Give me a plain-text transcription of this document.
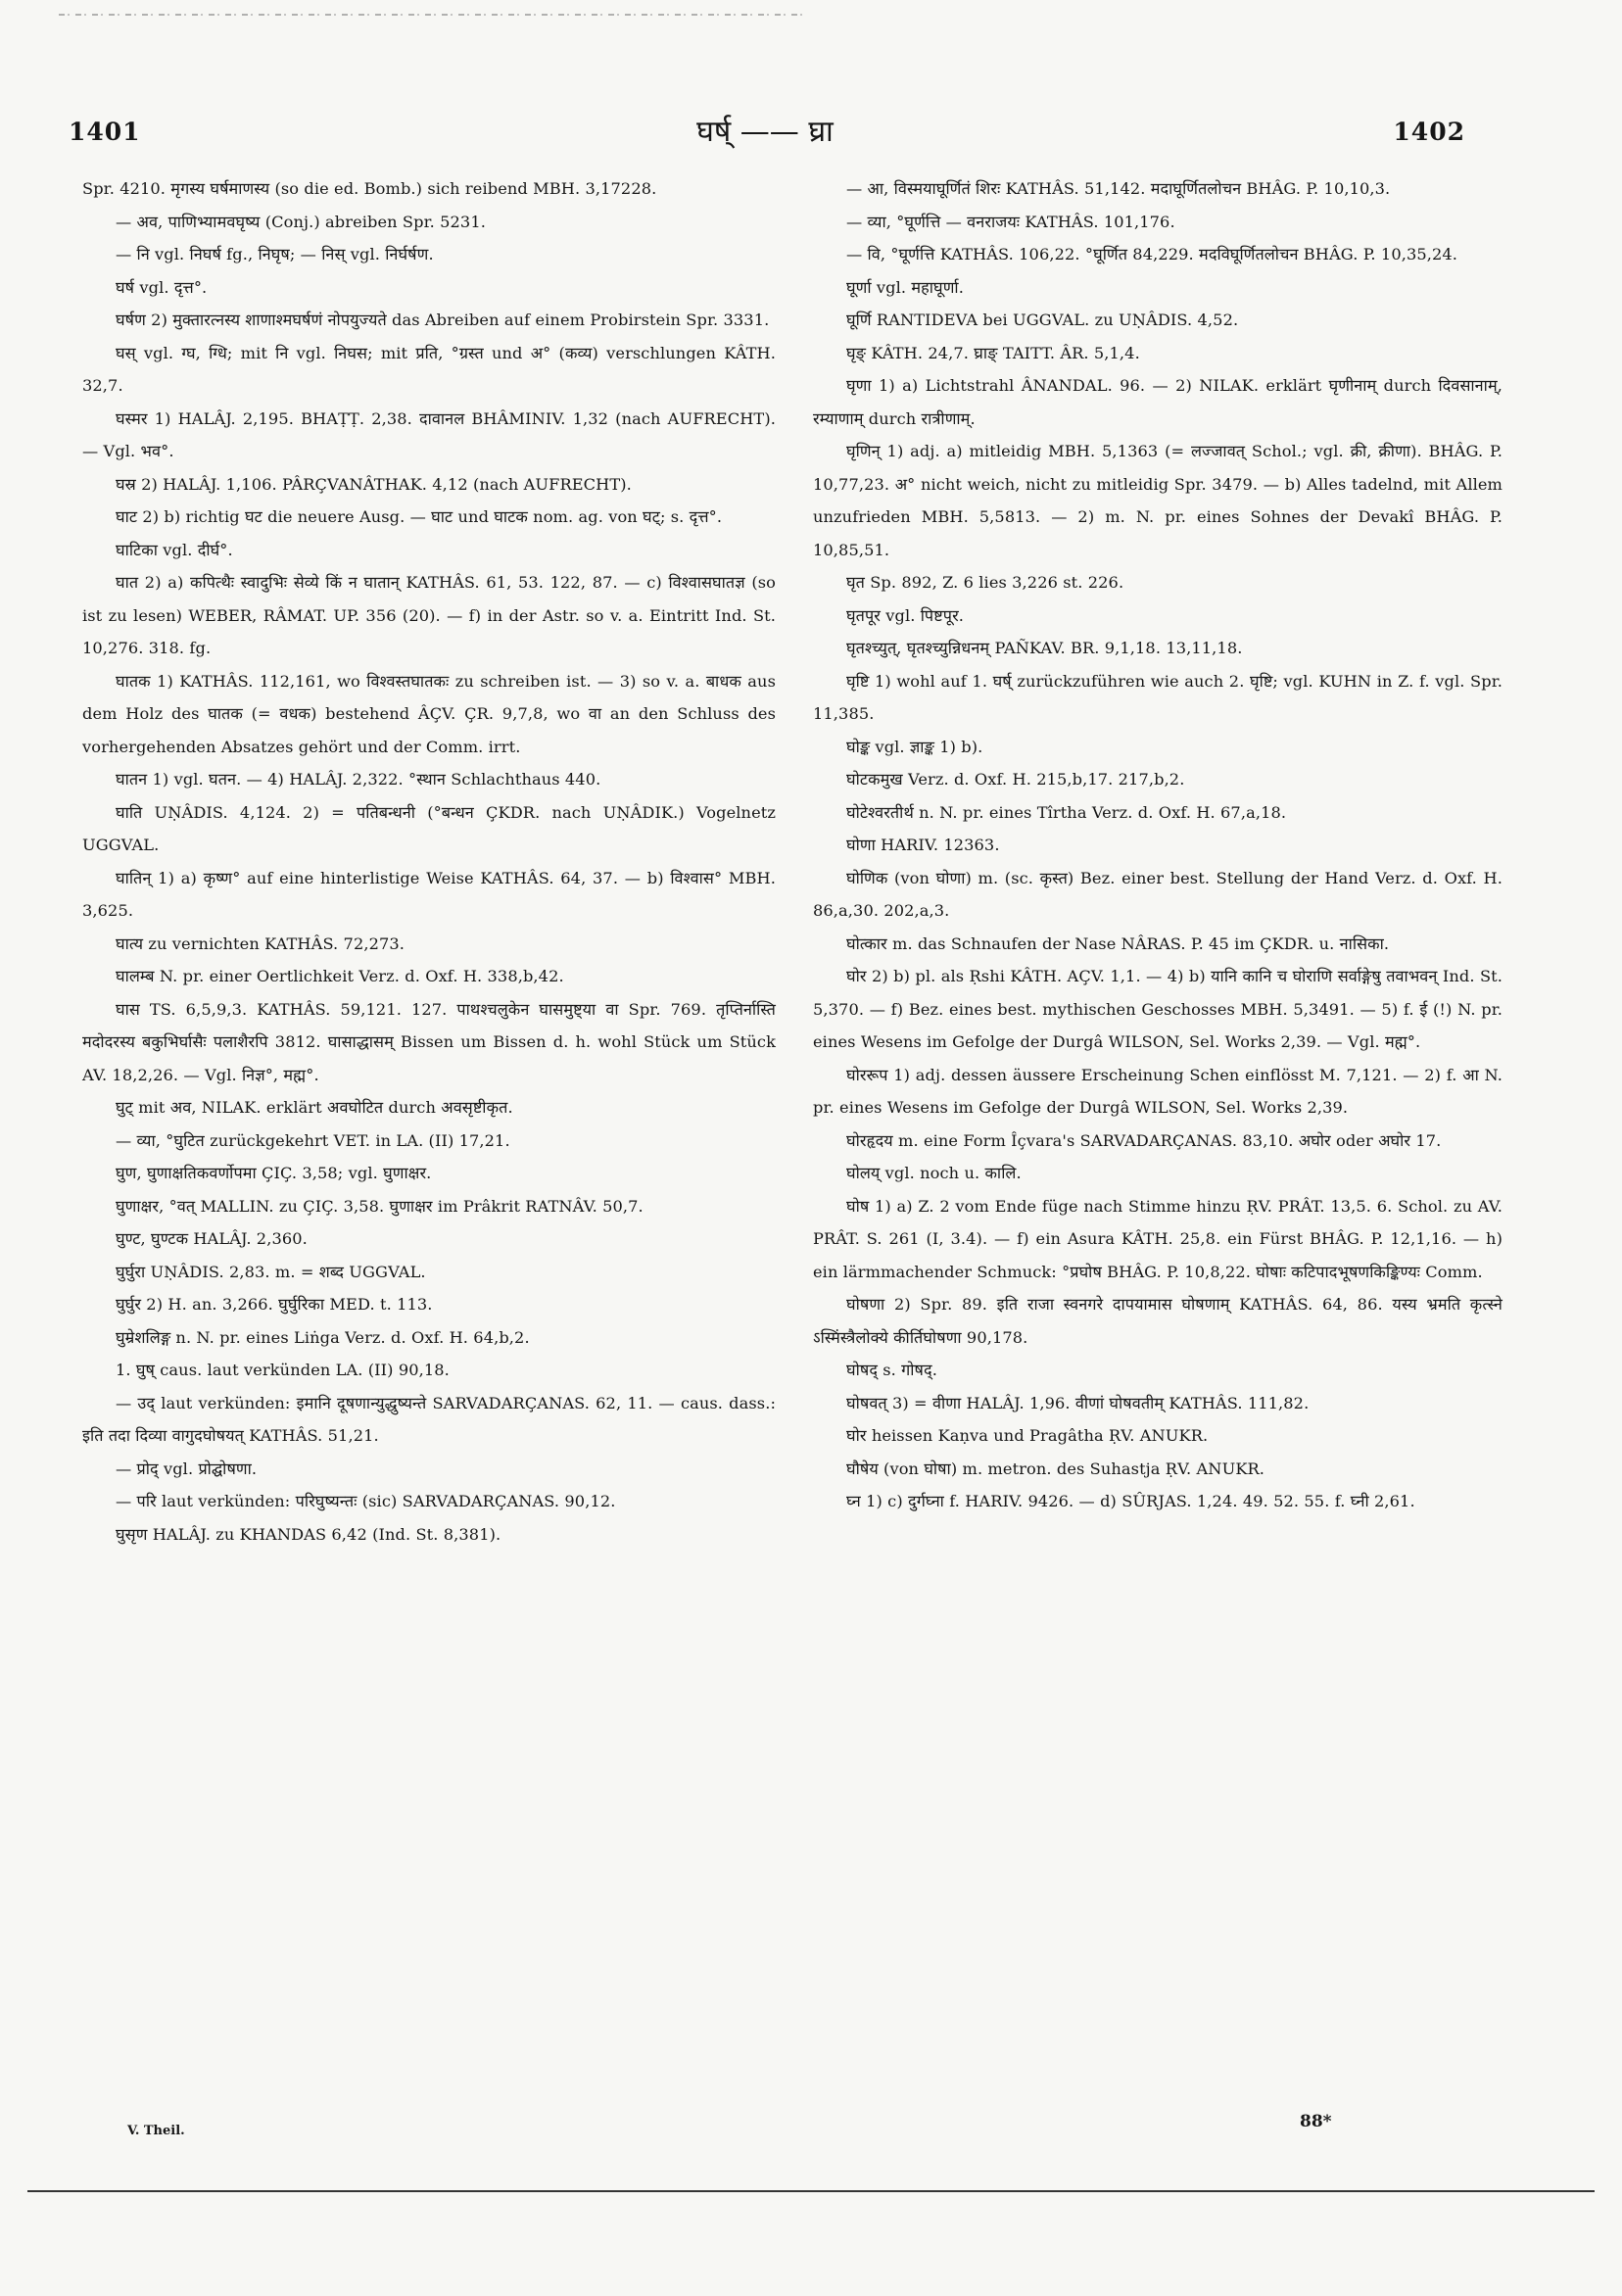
1401	घर्ष् —— घ्रा	1402

Spr. 4210. मृगस्य घर्षमाणस्य (so die ed. Bomb.) sich reibend MBH. 3,17228.

— अव, पाणिभ्यामवघृष्य (Conj.) abreiben Spr. 5231.

— नि vgl. निघर्ष fg., निघृष; — निस् vgl. निर्घर्षण.

घर्ष vgl. दृत्त°.

घर्षण 2) मुक्तारत्नस्य शाणाश्मघर्षणं नोपयुज्यते das Abreiben auf einem Probirstein Spr. 3331.

घस् vgl. ग्घ, ग्धि; mit नि vgl. निघस; mit प्रति, °ग्रस्त und अ° (कव्य) verschlungen KÂTH. 32,7.

घस्मर 1) HALÂJ. 2,195. BHAṬṬ. 2,38. दावानल BHÂMINIV. 1,32 (nach AUFRECHT). — Vgl. भव°.

घस्र 2) HALÂJ. 1,106. PÂRÇVANÂTHAK. 4,12 (nach AUFRECHT).

घाट 2) b) richtig घट die neuere Ausg. — घाट und घाटक nom. ag. von घट्; s. दृत्त°.

घाटिका vgl. दीर्घ°.

घात 2) a) कपित्थैः स्वादुभिः सेव्ये किं न घातान् KATHÂS. 61, 53. 122, 87. — c) विश्वासघातज्ञ (so ist zu lesen) WEBER, RÂMAT. UP. 356 (20). — f) in der Astr. so v. a. Eintritt Ind. St. 10,276. 318. fg.

घातक 1) KATHÂS. 112,161, wo विश्वस्तघातकः zu schreiben ist. — 3) so v. a. बाधक aus dem Holz des घातक (= वधक) bestehend ÂÇV. ÇR. 9,7,8, wo वा an den Schluss des vorhergehenden Absatzes gehört und der Comm. irrt.

घातन 1) vgl. घतन. — 4) HALÂJ. 2,322. °स्थान Schlachthaus 440.

घाति UṆÂDIS. 4,124. 2) = पतिबन्धनी (°बन्धन ÇKDR. nach UṆÂDIK.) Vogelnetz UGGVAL.

घातिन् 1) a) कृष्ण° auf eine hinterlistige Weise KATHÂS. 64, 37. — b) विश्वास° MBH. 3,625.

घात्य zu vernichten KATHÂS. 72,273.

घालम्ब N. pr. einer Oertlichkeit Verz. d. Oxf. H. 338,b,42.

घास TS. 6,5,9,3. KATHÂS. 59,121. 127. पाथश्चलुकेन घासमुष्ट्या वा Spr. 769. तृप्तिर्नास्ति मदोदरस्य बकुभिर्घासैः पलाशैरपि 3812. घासाद्धासम् Bissen um Bissen d. h. wohl Stück um Stück AV. 18,2,26. — Vgl. निज्ञ°, मह्म°.

घुट् mit अव, NILAK. erklärt अवघोटित durch अवसृष्टीकृत.

— व्या, °घुटित zurückgekehrt VET. in LA. (II) 17,21.

घुण, घुणाक्षतिकवर्णोपमा ÇIÇ. 3,58; vgl. घुणाक्षर.

घुणाक्षर, °वत् MALLIN. zu ÇIÇ. 3,58. घुणाक्षर im Prâkrit RATNÂV. 50,7.

घुण्ट, घुण्टक HALÂJ. 2,360.

घुर्घुरा UṆÂDIS. 2,83. m. = शब्द UGGVAL.

घुर्घुर 2) H. an. 3,266. घुर्घुरिका MED. t. 113.

घुम्रेशलिङ्ग n. N. pr. eines Liṅga Verz. d. Oxf. H. 64,b,2.

1. घुष् caus. laut verkünden LA. (II) 90,18.

— उद् laut verkünden: इमानि दूषणान्युद्धुष्यन्ते SARVADARÇANAS. 62, 11. — caus. dass.: इति तदा दिव्या वागुदघोषयत् KATHÂS. 51,21.

— प्रोद् vgl. प्रोद्घोषणा.

— परि laut verkünden: परिघुष्यन्तः (sic) SARVADARÇANAS. 90,12.

घुसृण HALÂJ. zu KHANDAS 6,42 (Ind. St. 8,381).

— आ, विस्मयाघूर्णितं शिरः KATHÂS. 51,142. मदाघूर्णितलोचन BHÂG. P. 10,10,3.

— व्या, °घूर्णत्ति — वनराजयः KATHÂS. 101,176.

— वि, °घूर्णत्ति KATHÂS. 106,22. °घूर्णित 84,229. मदविघूर्णितलोचन BHÂG. P. 10,35,24.

घूर्णा vgl. महाघूर्णा.

घूर्णि RANTIDEVA bei UGGVAL. zu UṆÂDIS. 4,52.

घृङ् KÂTH. 24,7. घ्राङ् TAITT. ÂR. 5,1,4.

घृणा 1) a) Lichtstrahl ÂNANDAL. 96. — 2) NILAK. erklärt घृणीनाम् durch दिवसानाम्, रम्याणाम् durch रात्रीणाम्.

घृणिन् 1) adj. a) mitleidig MBH. 5,1363 (= लज्जावत् Schol.; vgl. क्री, क्रीणा). BHÂG. P. 10,77,23. अ° nicht weich, nicht zu mitleidig Spr. 3479. — b) Alles tadelnd, mit Allem unzufrieden MBH. 5,5813. — 2) m. N. pr. eines Sohnes der Devakî BHÂG. P. 10,85,51.

घृत Sp. 892, Z. 6 lies 3,226 st. 226.

घृतपूर vgl. पिष्टपूर.

घृतश्च्युत्, घृतश्च्युन्निधनम् PAÑKAV. BR. 9,1,18. 13,11,18.

घृष्टि 1) wohl auf 1. घर्ष् zurückzuführen wie auch 2. घृष्टि; vgl. KUHN in Z. f. vgl. Spr. 11,385.

घोङ्क vgl. ज्ञाङ्क 1) b).

घोटकमुख Verz. d. Oxf. H. 215,b,17. 217,b,2.

घोटेश्वरतीर्थ n. N. pr. eines Tîrtha Verz. d. Oxf. H. 67,a,18.

घोणा HARIV. 12363.

घोणिक (von घोणा) m. (sc. कृस्त) Bez. einer best. Stellung der Hand Verz. d. Oxf. H. 86,a,30. 202,a,3.

घोत्कार m. das Schnaufen der Nase NÂRAS. P. 45 im ÇKDR. u. नासिका.

घोर 2) b) pl. als Ṛshi KÂTH. AÇV. 1,1. — 4) b) यानि कानि च घोराणि सर्वाङ्गेषु तवाभवन् Ind. St. 5,370. — f) Bez. eines best. mythischen Geschosses MBH. 5,3491. — 5) f. ई (!) N. pr. eines Wesens im Gefolge der Durgâ WILSON, Sel. Works 2,39. — Vgl. मह्म°.

घोररूप 1) adj. dessen äussere Erscheinung Schen einflösst M. 7,121. — 2) f. आ N. pr. eines Wesens im Gefolge der Durgâ WILSON, Sel. Works 2,39.

घोरहृदय m. eine Form Îçvara's SARVADARÇANAS. 83,10. अघोर oder अघोर 17.

घोलय् vgl. noch u. कालि.

घोष 1) a) Z. 2 vom Ende füge nach Stimme hinzu ṚV. PRÂT. 13,5. 6. Schol. zu AV. PRÂT. S. 261 (I, 3.4). — f) ein Asura KÂTH. 25,8. ein Fürst BHÂG. P. 12,1,16. — h) ein lärmmachender Schmuck: °प्रघोष BHÂG. P. 10,8,22. घोषाः कटिपादभूषणकिङ्किण्यः Comm.

घोषणा 2) Spr. 89. इति राजा स्वनगरे दापयामास घोषणाम् KATHÂS. 64, 86. यस्य भ्रमति कृत्स्ने ऽस्मिंस्त्रैलोक्ये कीर्तिघोषणा 90,178.

घोषद् s. गोषद्.

घोषवत् 3) = वीणा HALÂJ. 1,96. वीणां घोषवतीम् KATHÂS. 111,82.

घोर heissen Kaṇva und Pragâtha ṚV. ANUKR.

घौषेय (von घोषा) m. metron. des Suhastja ṚV. ANUKR.

घ्न 1) c) दुर्गघ्ना f. HARIV. 9426. — d) SÛRJAS. 1,24. 49. 52. 55. f. घ्नी 2,61.

V. Theil.	88*
